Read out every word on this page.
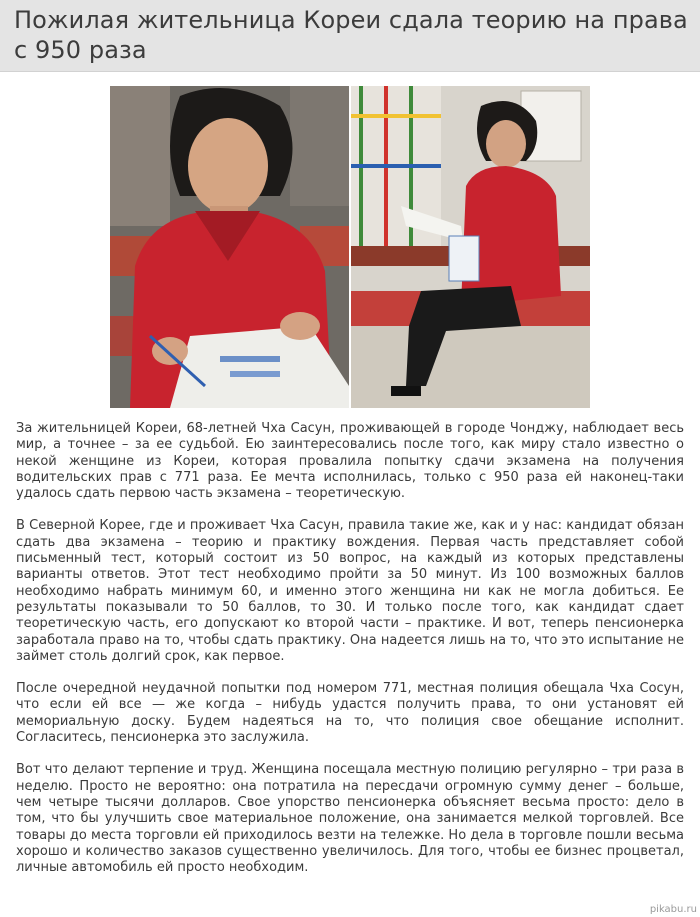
Пожилая жительница Кореи сдала теорию на права с 950 раза

За жительницей Кореи, 68-летней Чха Сасун, проживающей в городе Чонджу, наблюдает весь мир, а точнее – за ее судьбой. Ею заинтересовались после того, как миру стало известно о некой женщине из Кореи, которая провалила попытку сдачи экзамена на получения водительских прав с 771 раза. Ее мечта исполнилась, только с 950 раза ей наконец-таки удалось сдать первою часть экзамена – теоретическую.

В Северной Корее, где и проживает Чха Сасун, правила такие же, как и у нас: кандидат обязан сдать два экзамена – теорию и практику вождения. Первая часть представляет собой письменный тест, который состоит из 50 вопрос, на каждый из которых представлены варианты ответов. Этот тест необходимо пройти за 50 минут. Из 100 возможных баллов необходимо набрать минимум 60, и именно этого женщина ни как не могла добиться. Ее результаты показывали то 50 баллов, то 30. И только после того, как кандидат сдает теоретическую часть, его допускают ко второй части – практике. И вот, теперь пенсионерка заработала право на то, чтобы сдать практику. Она надеется лишь на то, что это испытание не займет столь долгий срок, как первое.

После очередной неудачной попытки под номером 771, местная полиция обещала Чха Сосун, что если ей все — же когда – нибудь удастся получить права, то они установят ей мемориальную доску. Будем надеяться на то, что полиция свое обещание исполнит. Согласитесь, пенсионерка это заслужила.

Вот что делают терпение и труд. Женщина посещала местную полицию регулярно – три раза в неделю. Просто не вероятно: она потратила на пересдачи огромную сумму денег – больше, чем четыре тысячи долларов. Свое упорство пенсионерка объясняет весьма просто: дело в том, что бы улучшить свое материальное положение, она занимается мелкой торговлей. Все товары до места торговли ей приходилось везти на тележке. Но дела в торговле пошли весьма хорошо и количество заказов существенно увеличилось. Для того, чтобы ее бизнес процветал, личные автомобиль ей просто необходим.

pikabu.ru
